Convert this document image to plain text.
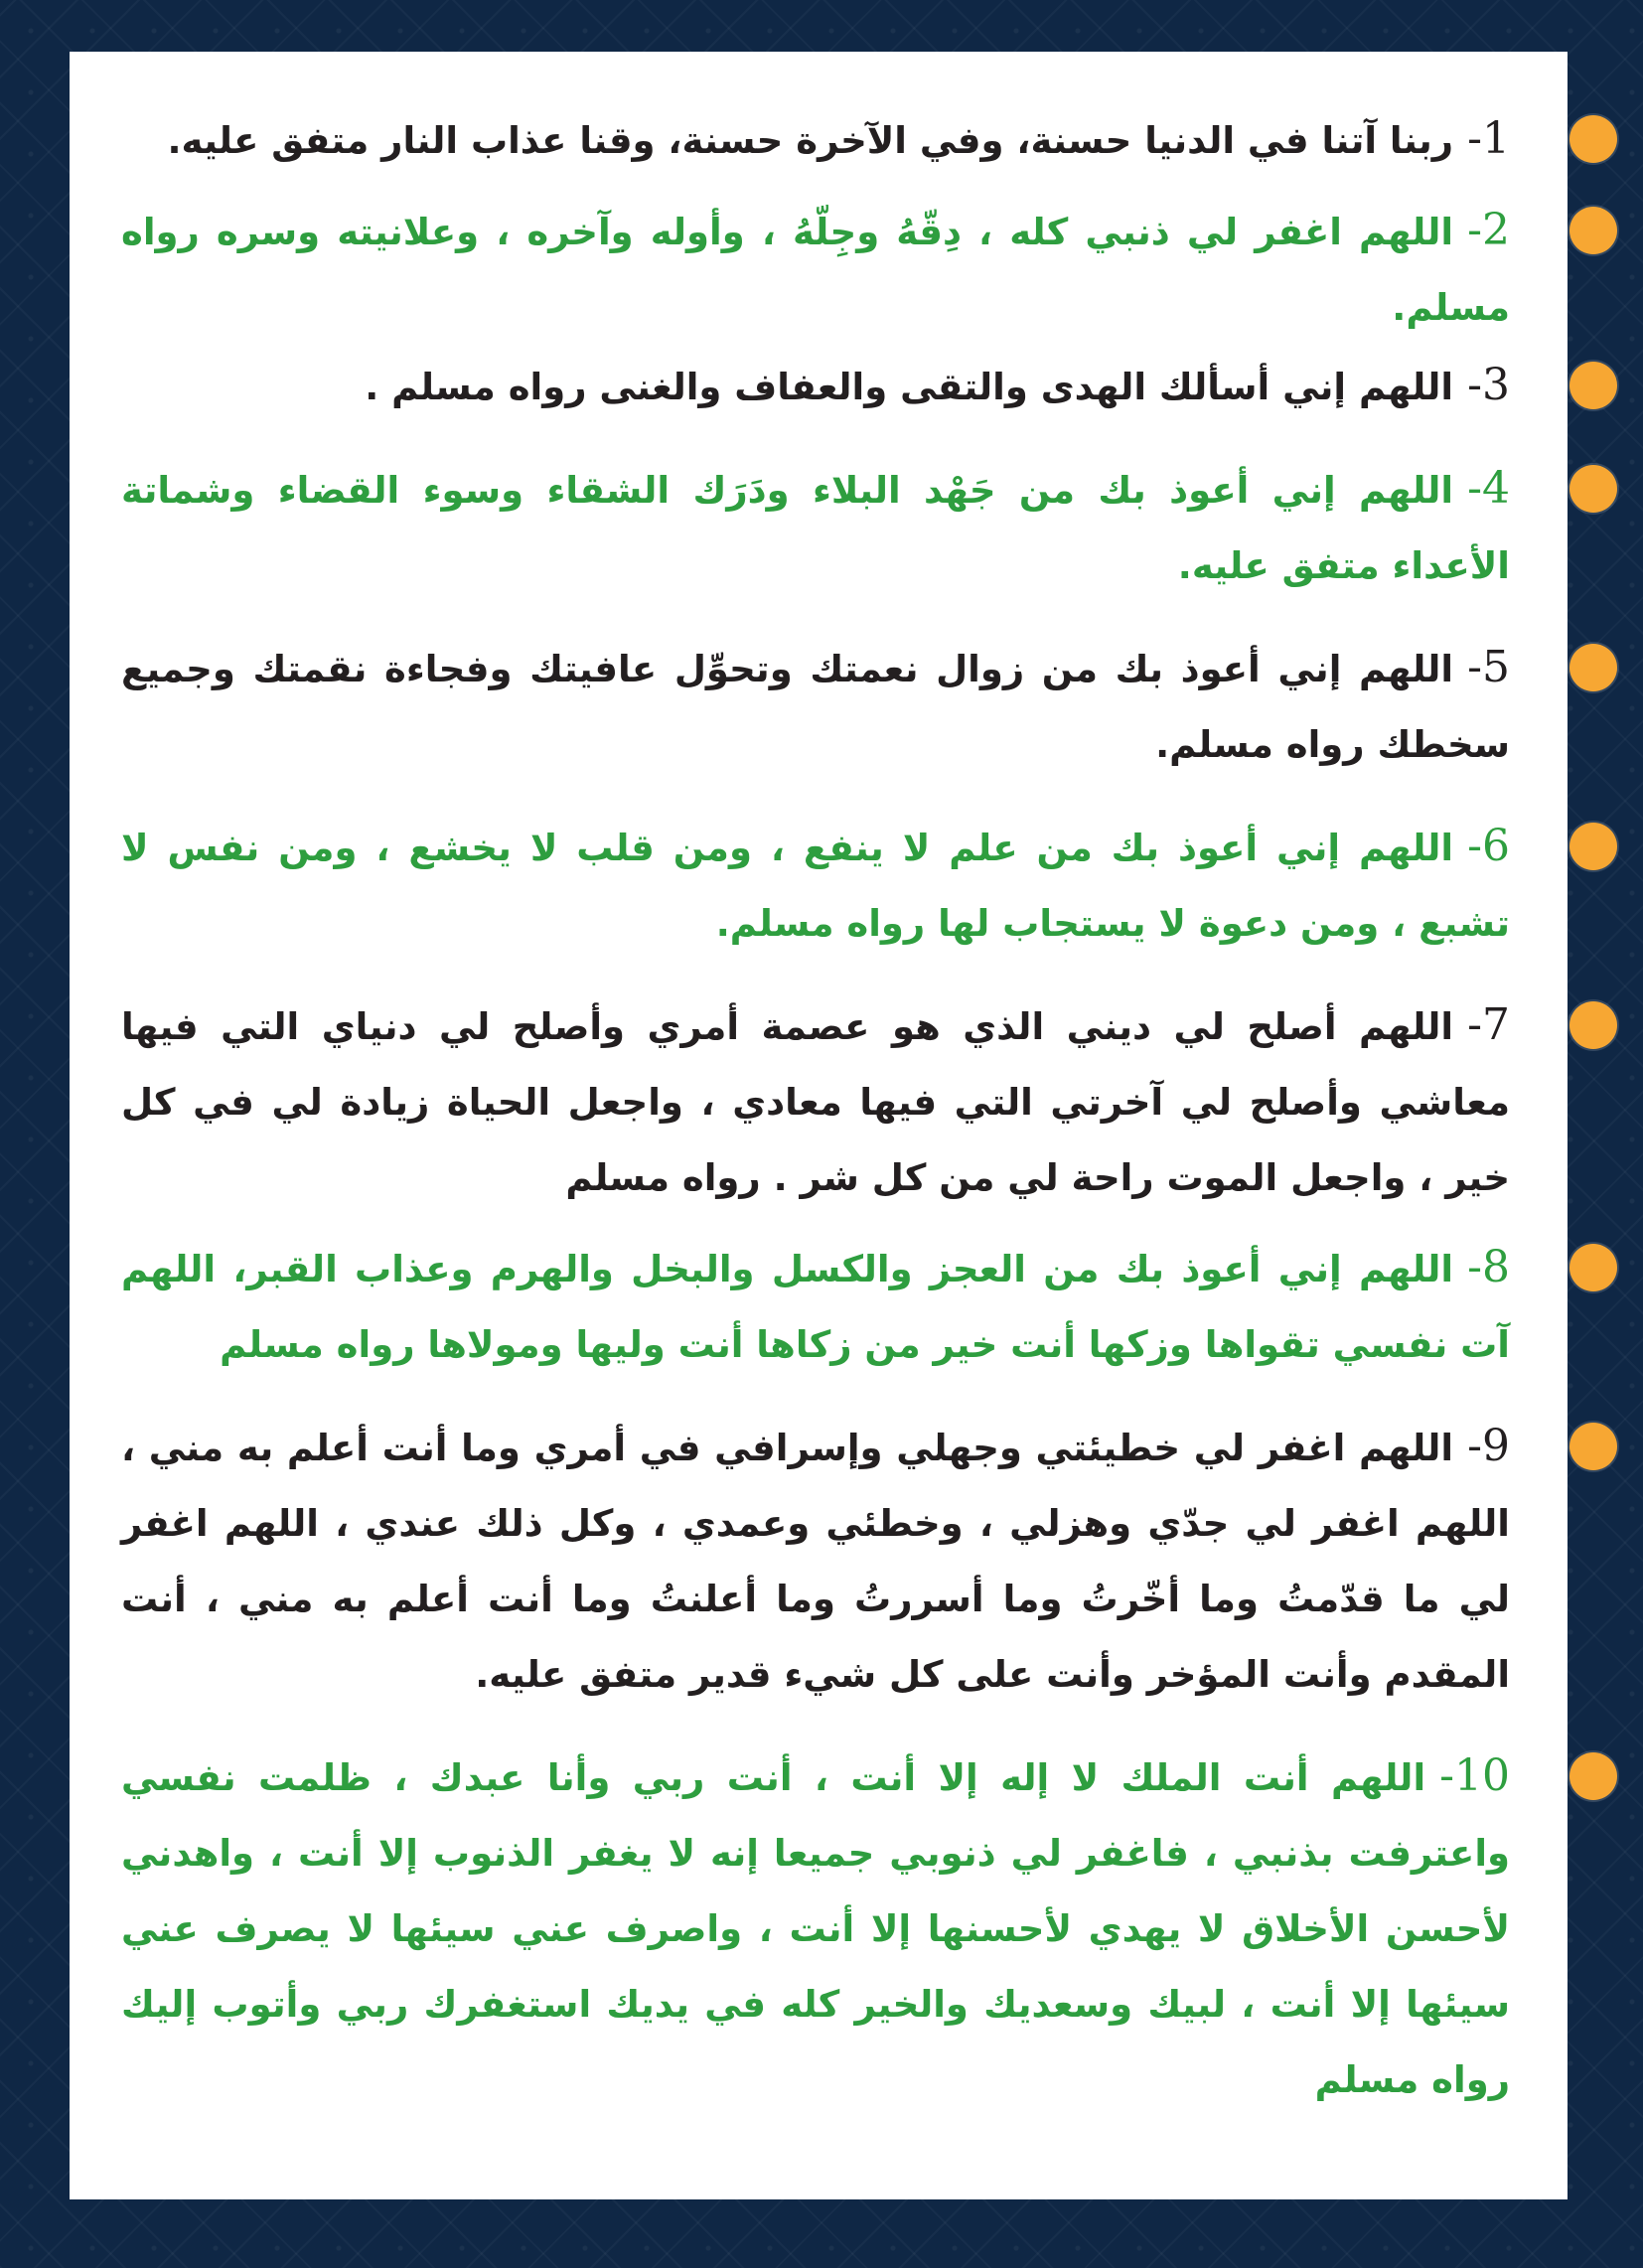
1-ربنا آتنا في الدنيا حسنة، وفي الآخرة حسنة، وقنا عذاب النار متفق عليه.

2-اللهم اغفر لي ذنبي كله ، دِقّهُ وجِلّهُ ، وأوله وآخره ، وعلانيته وسره رواه مسلم.

3-اللهم إني أسألك الهدى والتقى والعفاف والغنى رواه مسلم .

4-اللهم إني أعوذ بك من جَهْد البلاء ودَرَك الشقاء وسوء القضاء وشماتة الأعداء متفق عليه.

5-اللهم إني أعوذ بك من زوال نعمتك وتحوِّل عافيتك وفجاءة نقمتك وجميع سخطك رواه مسلم.

6-اللهم إني أعوذ بك من علم لا ينفع ، ومن قلب لا يخشع ، ومن نفس لا تشبع ، ومن دعوة لا يستجاب لها رواه مسلم.

7-اللهم أصلح لي ديني الذي هو عصمة أمري وأصلح لي دنياي التي فيها معاشي وأصلح لي آخرتي التي فيها معادي ، واجعل الحياة زيادة لي في كل خير ، واجعل الموت راحة لي من كل شر . رواه مسلم

8-اللهم إني أعوذ بك من العجز والكسل والبخل والهرم وعذاب القبر، اللهم آت نفسي تقواها وزكها أنت خير من زكاها أنت وليها ومولاها رواه مسلم

9-اللهم اغفر لي خطيئتي وجهلي وإسرافي في أمري وما أنت أعلم به مني ، اللهم اغفر لي جدّي وهزلي ، وخطئي وعمدي ، وكل ذلك عندي ، اللهم اغفر لي ما قدّمتُ وما أخّرتُ وما أسررتُ وما أعلنتُ وما أنت أعلم به مني ، أنت المقدم وأنت المؤخر وأنت على كل شيء قدير متفق عليه.

10-اللهم أنت الملك لا إله إلا أنت ، أنت ربي وأنا عبدك ، ظلمت نفسي واعترفت بذنبي ، فاغفر لي ذنوبي جميعا إنه لا يغفر الذنوب إلا أنت ، واهدني لأحسن الأخلاق لا يهدي لأحسنها إلا أنت ، واصرف عني سيئها لا يصرف عني سيئها إلا أنت ، لبيك وسعديك والخير كله في يديك استغفرك ربي وأتوب إليك رواه مسلم
